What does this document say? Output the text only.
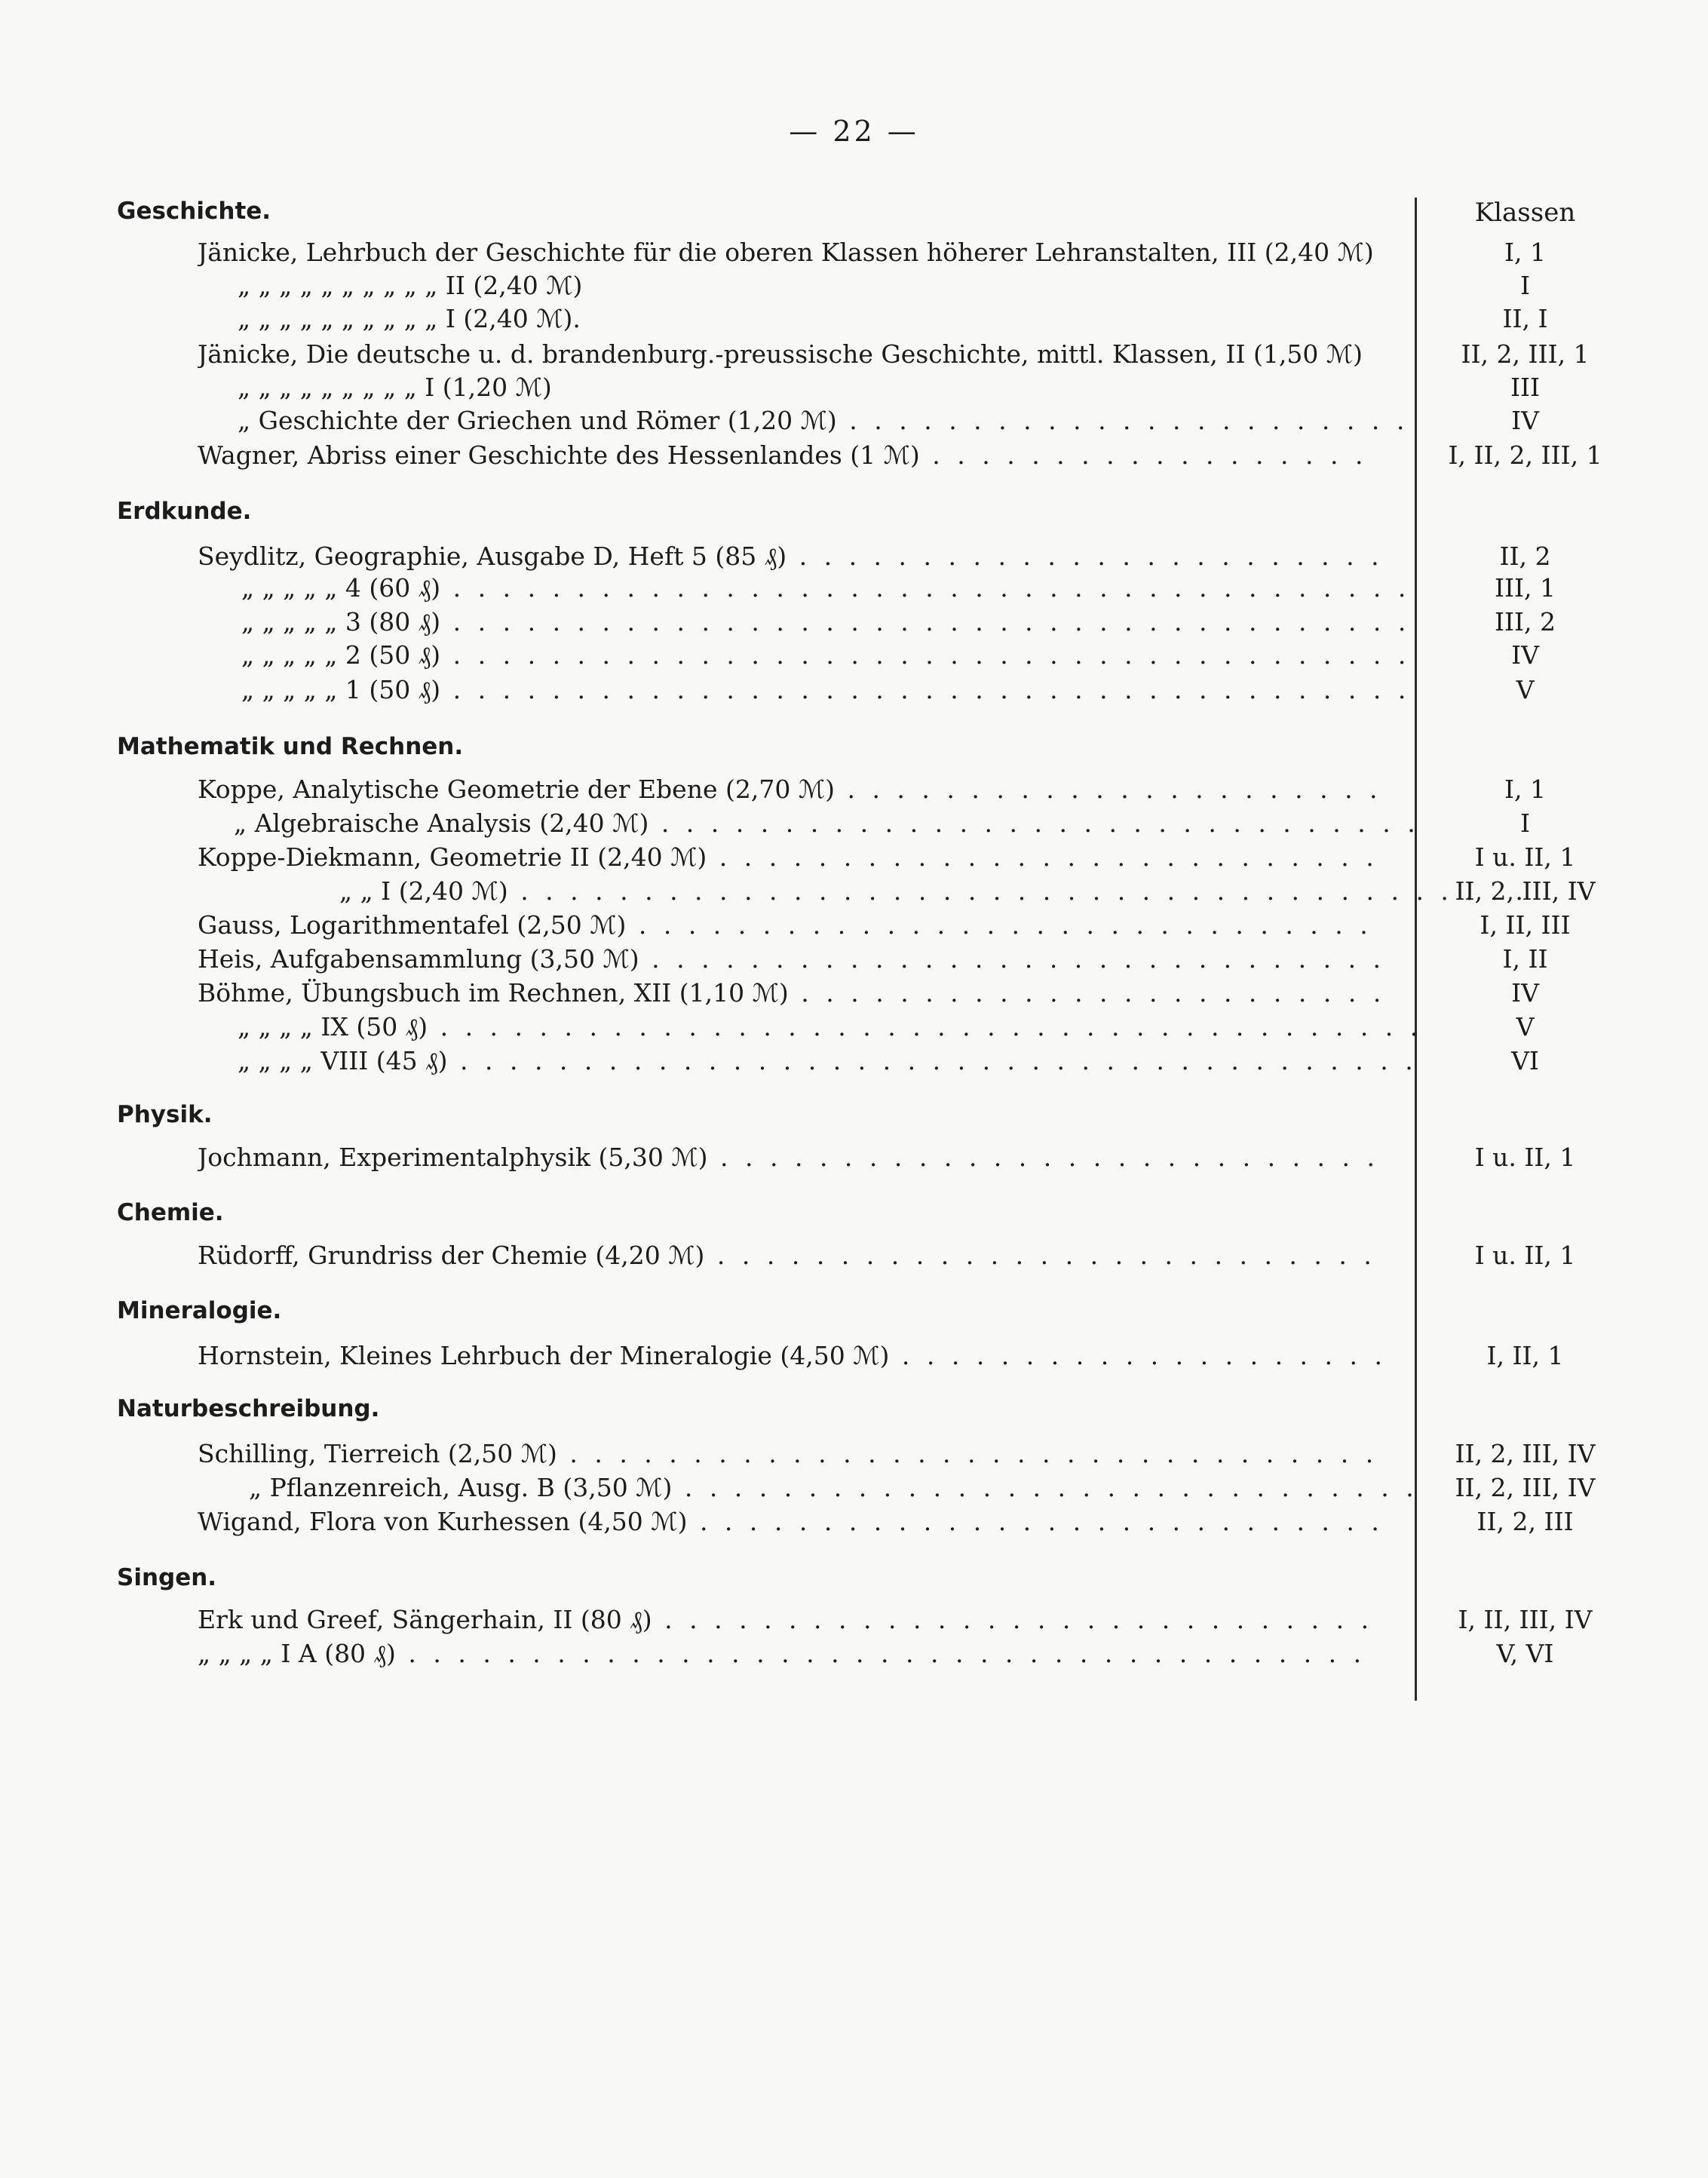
— 22 —
Klassen
Geschichte.
Jänicke, Lehrbuch der Geschichte für die oberen Klassen höherer Lehranstalten, III (2,40 ℳ)	I, 1
„ „ „ „ „ „ „ „ „ „ II (2,40 ℳ)	I
„ „ „ „ „ „ „ „ „ „ I (2,40 ℳ).	II, I
Jänicke, Die deutsche u. d. brandenburg.-preussische Geschichte, mittl. Klassen, II (1,50 ℳ)	II, 2, III, 1
„ „ „ „ „ „ „ „ „ I (1,20 ℳ)	III
„ Geschichte der Griechen und Römer (1,20 ℳ) . . .	IV
Wagner, Abriss einer Geschichte des Hessenlandes (1 ℳ) . . .	I, II, 2, III, 1
Erdkunde.
Seydlitz, Geographie, Ausgabe D, Heft 5 (85 ₰) . . .	II, 2
„ „ „ „ „ 4 (60 ₰) . . .	III, 1
„ „ „ „ „ 3 (80 ₰) . . .	III, 2
„ „ „ „ „ 2 (50 ₰) . . .	IV
„ „ „ „ „ 1 (50 ₰) . . .	V
Mathematik und Rechnen.
Koppe, Analytische Geometrie der Ebene (2,70 ℳ) . . .	I, 1
„ Algebraische Analysis (2,40 ℳ) . . .	I
Koppe-Diekmann, Geometrie II (2,40 ℳ) . . .	I u. II, 1
„ „ I (2,40 ℳ) . . .	II, 2, III, IV
Gauss, Logarithmentafel (2,50 ℳ) . . .	I, II, III
Heis, Aufgabensammlung (3,50 ℳ) . . .	I, II
Böhme, Übungsbuch im Rechnen, XII (1,10 ℳ) . . .	IV
„ „ „ „ IX (50 ₰) . . .	V
„ „ „ „ VIII (45 ₰) . . .	VI
Physik.
Jochmann, Experimentalphysik (5,30 ℳ) . . .	I u. II, 1
Chemie.
Rüdorff, Grundriss der Chemie (4,20 ℳ) . . .	I u. II, 1
Mineralogie.
Hornstein, Kleines Lehrbuch der Mineralogie (4,50 ℳ) . . .	I, II, 1
Naturbeschreibung.
Schilling, Tierreich (2,50 ℳ) . . .	II, 2, III, IV
„ Pflanzenreich, Ausg. B (3,50 ℳ) . . .	II, 2, III, IV
Wigand, Flora von Kurhessen (4,50 ℳ) . . .	II, 2, III
Singen.
Erk und Greef, Sängerhain, II (80 ₰) . . .	I, II, III, IV
„ „ „ „ I A (80 ₰) . . .	V, VI
